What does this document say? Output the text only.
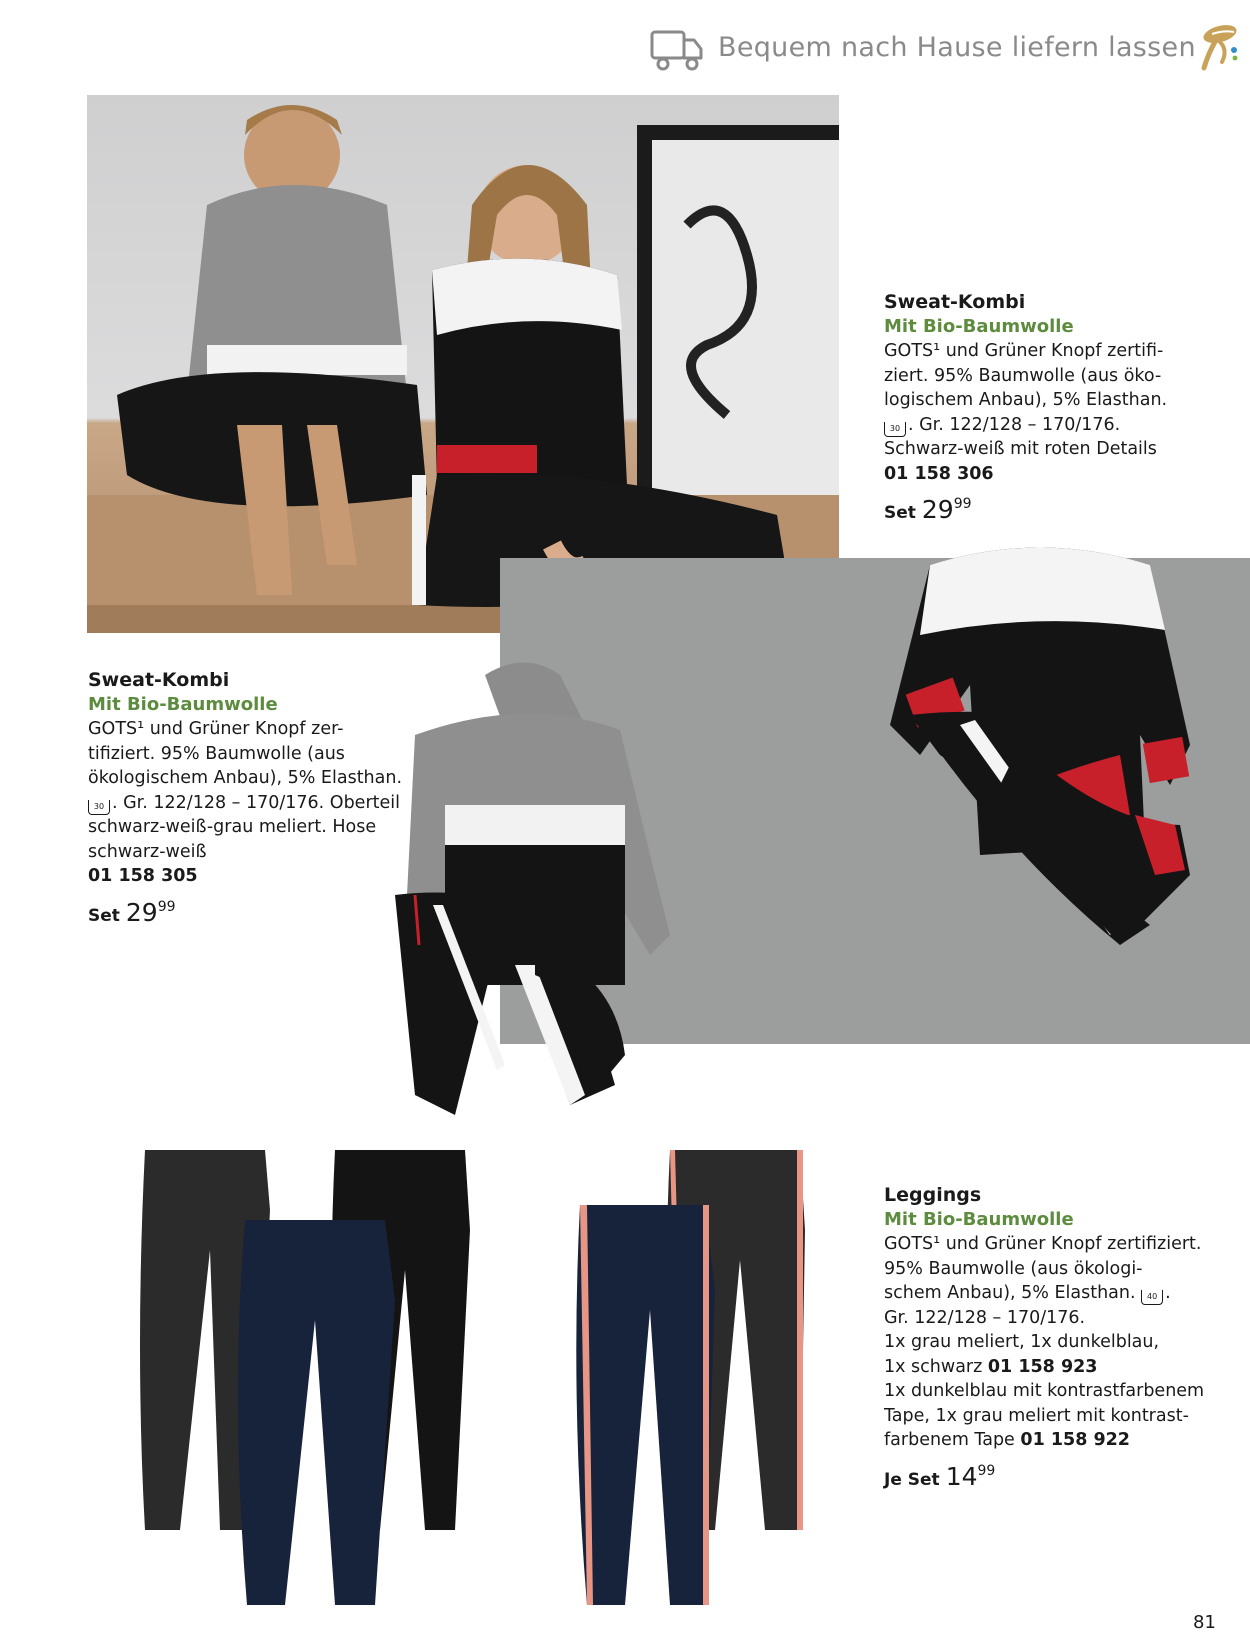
Bequem nach Hause liefern lassen
Sweat-Kombi
Mit Bio-Baumwolle
GOTS¹ und Grüner Knopf zertifi-
ziert. 95% Baumwolle (aus öko-
logischem Anbau), 5% Elasthan.
30 . Gr. 122/128 – 170/176.
Schwarz-weiß mit roten Details
01 158 306
Set $29^{99}$
Sweat-Kombi
Mit Bio-Baumwolle
GOTS¹ und Grüner Knopf zer-
tifiziert. 95% Baumwolle (aus
ökologischem Anbau), 5% Elasthan.
30 . Gr. 122/128 – 170/176. Oberteil
schwarz-weiß-grau meliert. Hose
schwarz-weiß
01 158 305
Set $29^{99}$
Leggings
Mit Bio-Baumwolle
GOTS¹ und Grüner Knopf zertifiziert.
95% Baumwolle (aus ökologi-
schem Anbau), 5% Elasthan. 40 .
Gr. 122/128 – 170/176.
1x grau meliert, 1x dunkelblau,
1x schwarz 01 158 923
1x dunkelblau mit kontrastfarbenem
Tape, 1x grau meliert mit kontrast-
farbenem Tape 01 158 922
Je Set $14^{99}$
81
